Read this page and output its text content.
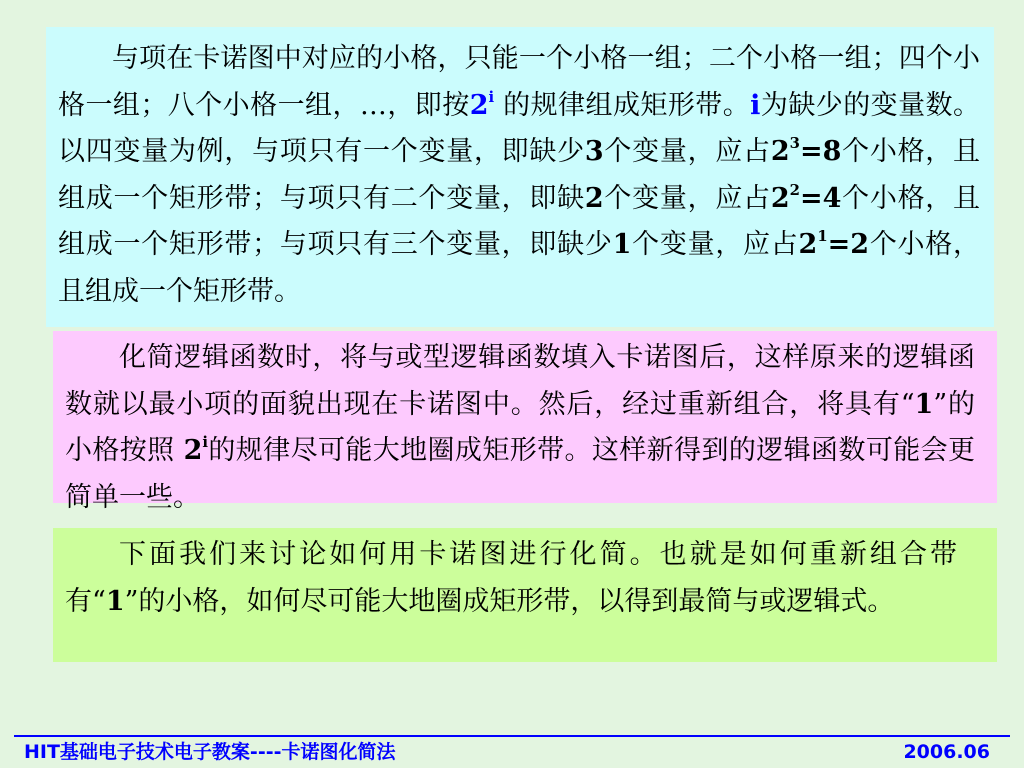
与项在卡诺图中对应的小格，只能一个小格一组；二个小格一组；四个小格一组；八个小格一组，…，即按2$^i$ 的规律组成矩形带。i为缺少的变量数。以四变量为例，与项只有一个变量，即缺少3个变量，应占$2^3=8$个小格，且组成一个矩形带；与项只有二个变量，即缺2个变量，应占$2^2=4$个小格，且组成一个矩形带；与项只有三个变量，即缺少1个变量，应占$2^1=2$个小格，且组成一个矩形带。

化简逻辑函数时，将与或型逻辑函数填入卡诺图后，这样原来的逻辑函数就以最小项的面貌出现在卡诺图中。然后，经过重新组合，将具有“1”的小格按照 2$^i$的规律尽可能大地圈成矩形带。这样新得到的逻辑函数可能会更简单一些。

下面我们来讨论如何用卡诺图进行化简。也就是如何重新组合带有“1”的小格，如何尽可能大地圈成矩形带，以得到最简与或逻辑式。

HIT基础电子技术电子教案----卡诺图化简法	2006.06
